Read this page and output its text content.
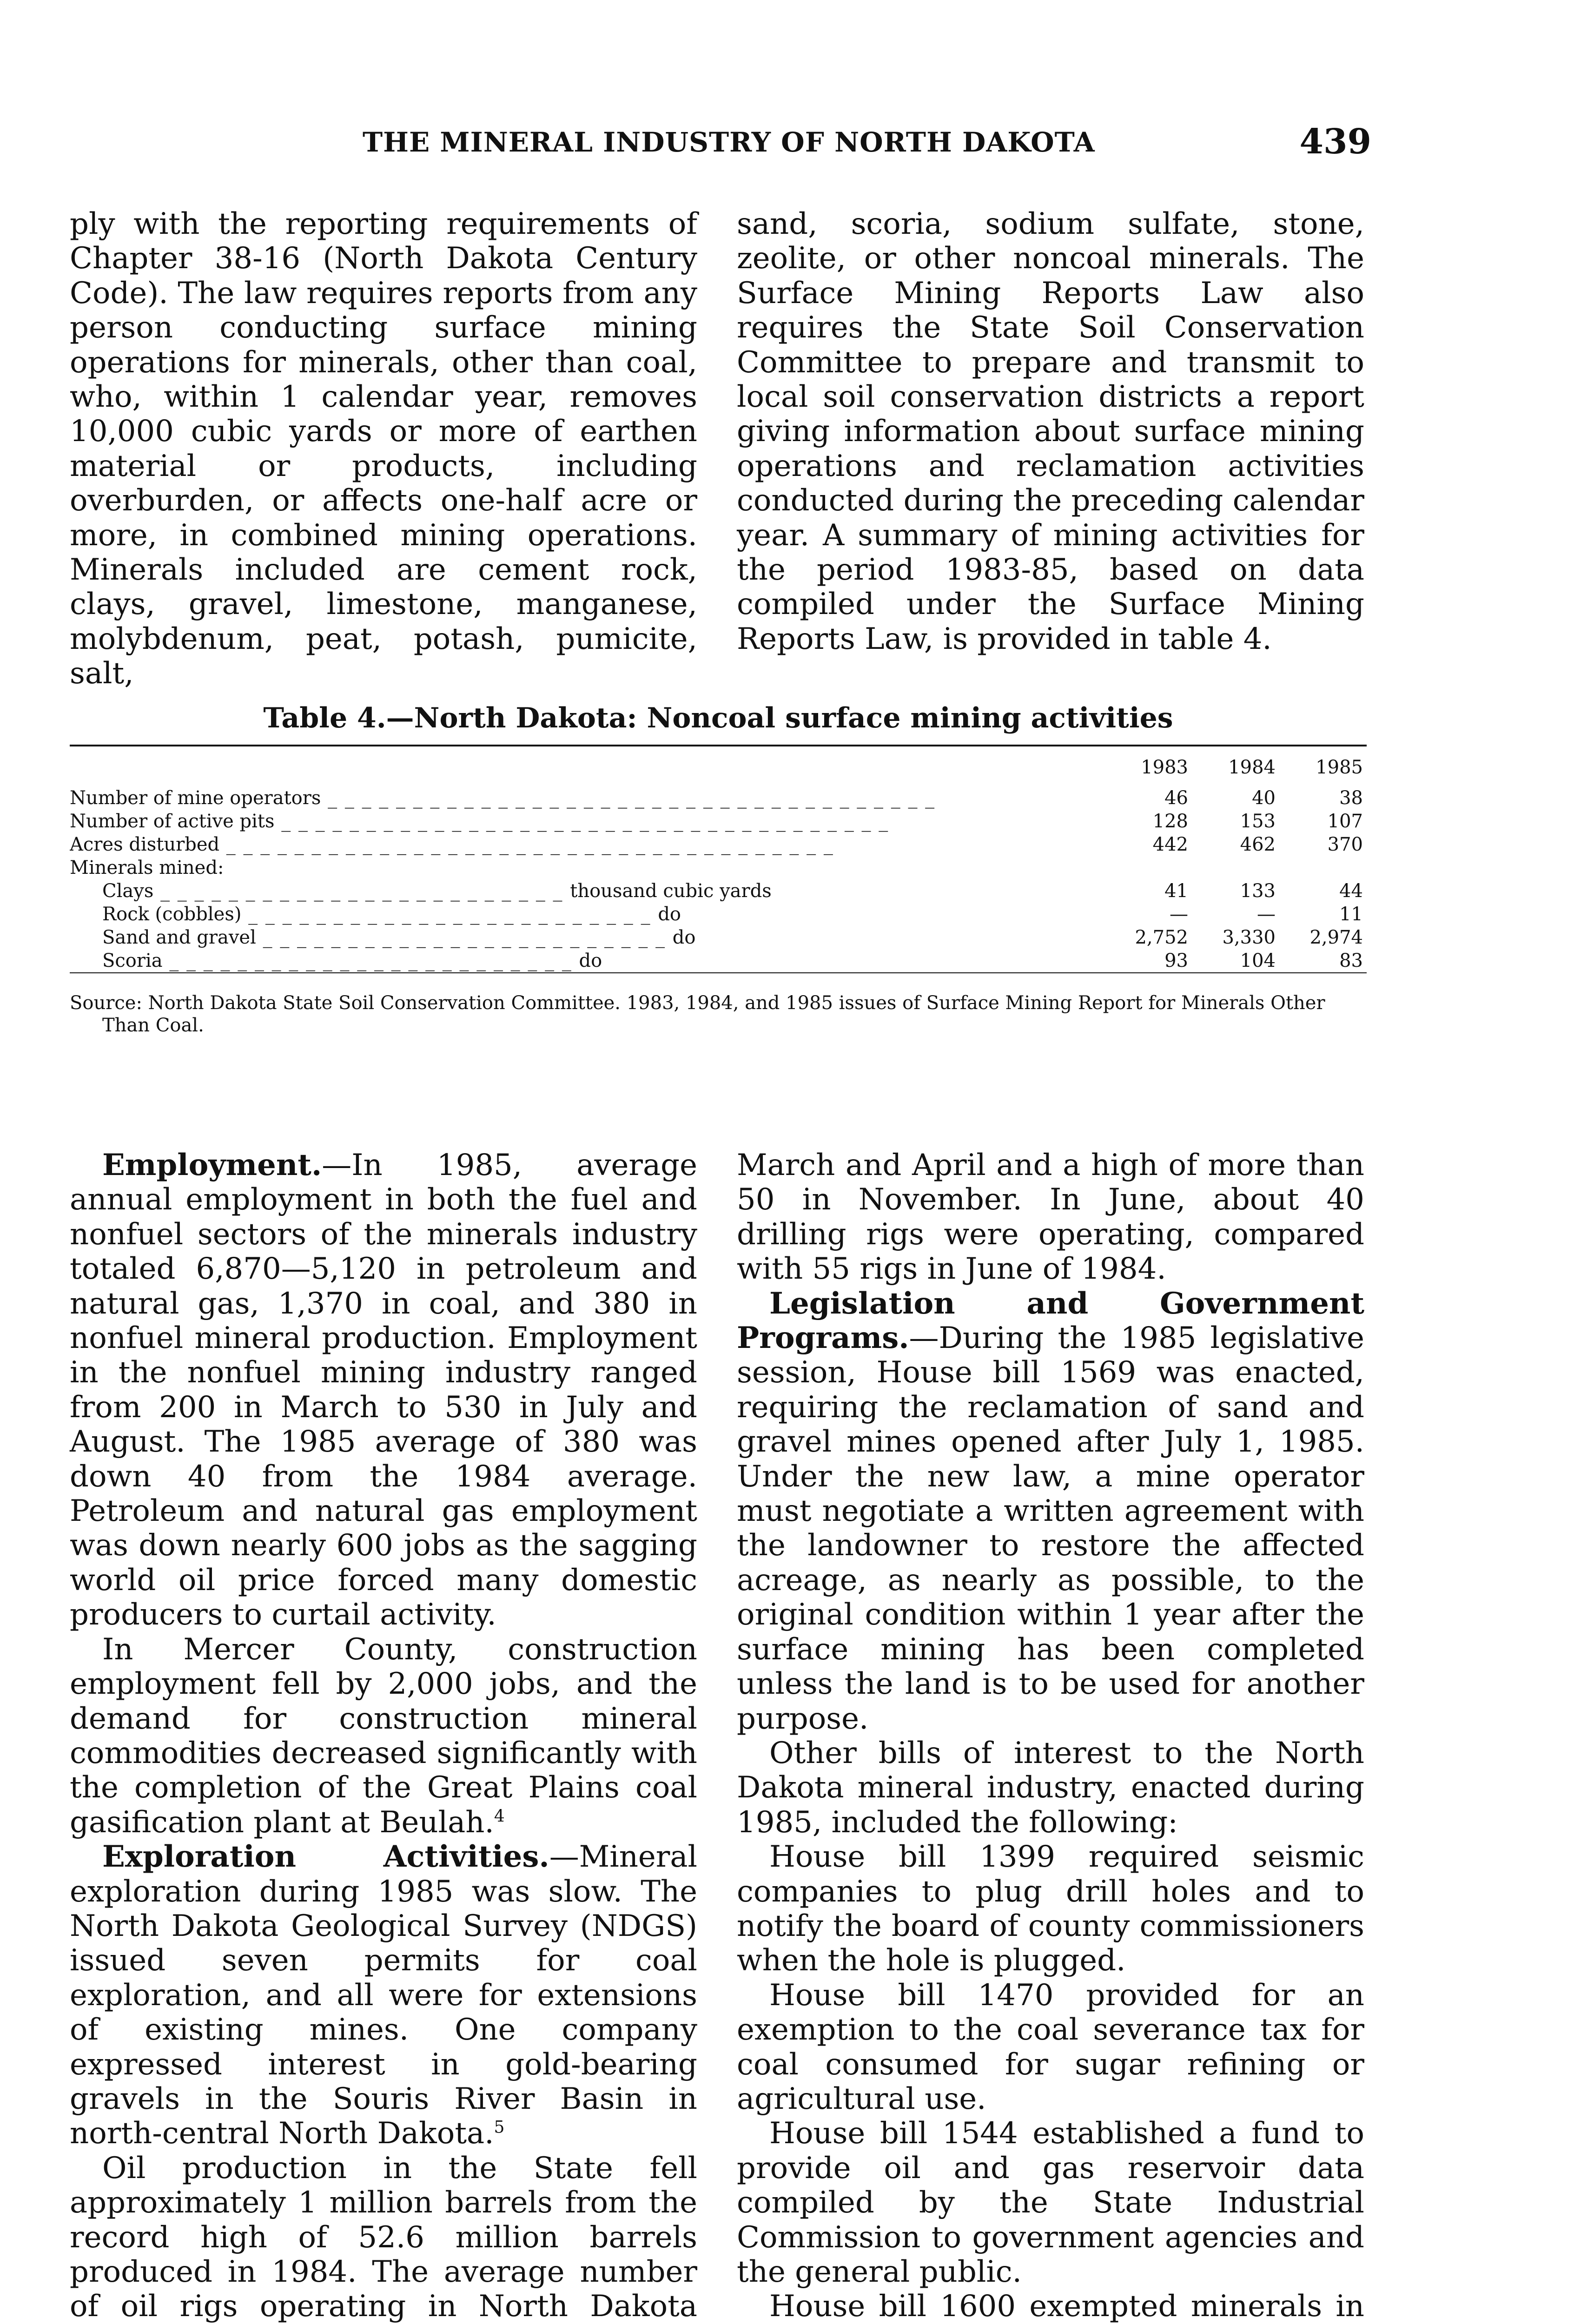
THE MINERAL INDUSTRY OF NORTH DAKOTA	439

ply with the reporting requirements of Chapter 38-16 (North Dakota Century Code). The law requires reports from any person conducting surface mining operations for minerals, other than coal, who, within 1 calendar year, removes 10,000 cubic yards or more of earthen material or products, including overburden, or affects one-half acre or more, in combined mining operations. Minerals included are cement rock, clays, gravel, limestone, manganese, molybdenum, peat, potash, pumicite, salt,

sand, scoria, sodium sulfate, stone, zeolite, or other noncoal minerals. The Surface Mining Reports Law also requires the State Soil Conservation Committee to prepare and transmit to local soil conservation districts a report giving information about surface mining operations and reclamation activities conducted during the preceding calendar year. A summary of mining activities for the period 1983-85, based on data compiled under the Surface Mining Reports Law, is provided in table 4.

Table 4.—North Dakota: Noncoal surface mining activities
	1983	1984	1985
Number of mine operators _ _ _ _ _ _ _ _ _ _ _ _ _ _ _ _ _ _ _ _ _ _ _ _ _ _ _ _ _ _ _ _ _ _ _ _	46	40	38
Number of active pits _ _ _ _ _ _ _ _ _ _ _ _ _ _ _ _ _ _ _ _ _ _ _ _ _ _ _ _ _ _ _ _ _ _ _ _	128	153	107
Acres disturbed _ _ _ _ _ _ _ _ _ _ _ _ _ _ _ _ _ _ _ _ _ _ _ _ _ _ _ _ _ _ _ _ _ _ _ _	442	462	370
Minerals mined:			
Clays _ _ _ _ _ _ _ _ _ _ _ _ _ _ _ _ _ _ _ _ _ _ _ _ thousand cubic yards	41	133	44
Rock (cobbles) _ _ _ _ _ _ _ _ _ _ _ _ _ _ _ _ _ _ _ _ _ _ _ _ do	—	—	11
Sand and gravel _ _ _ _ _ _ _ _ _ _ _ _ _ _ _ _ _ _ _ _ _ _ _ _ do	2,752	3,330	2,974
Scoria _ _ _ _ _ _ _ _ _ _ _ _ _ _ _ _ _ _ _ _ _ _ _ _ do	93	104	83
Source: North Dakota State Soil Conservation Committee. 1983, 1984, and 1985 issues of Surface Mining Report for Minerals Other Than Coal.

Employment.—In 1985, average annual employment in both the fuel and nonfuel sectors of the minerals industry totaled 6,870—5,120 in petroleum and natural gas, 1,370 in coal, and 380 in nonfuel mineral production. Employment in the nonfuel mining industry ranged from 200 in March to 530 in July and August. The 1985 average of 380 was down 40 from the 1984 average. Petroleum and natural gas employment was down nearly 600 jobs as the sagging world oil price forced many domestic producers to curtail activity.

In Mercer County, construction employment fell by 2,000 jobs, and the demand for construction mineral commodities decreased significantly with the completion of the Great Plains coal gasification plant at Beulah.$^4$

Exploration Activities.—Mineral exploration during 1985 was slow. The North Dakota Geological Survey (NDGS) issued seven permits for coal exploration, and all were for extensions of existing mines. One company expressed interest in gold-bearing gravels in the Souris River Basin in north-central North Dakota.$^5$

Oil production in the State fell approximately 1 million barrels from the record high of 52.6 million barrels produced in 1984. The average number of oil rigs operating in North Dakota

March and April and a high of more than 50 in November. In June, about 40 drilling rigs were operating, compared with 55 rigs in June of 1984.

Legislation and Government Programs.—During the 1985 legislative session, House bill 1569 was enacted, requiring the reclamation of sand and gravel mines opened after July 1, 1985. Under the new law, a mine operator must negotiate a written agreement with the landowner to restore the affected acreage, as nearly as possible, to the original condition within 1 year after the surface mining has been completed unless the land is to be used for another purpose.

Other bills of interest to the North Dakota mineral industry, enacted during 1985, included the following:

House bill 1399 required seismic companies to plug drill holes and to notify the board of county commissioners when the hole is plugged.

House bill 1470 provided for an exemption to the coal severance tax for coal consumed for sugar refining or agricultural use.

House bill 1544 established a fund to provide oil and gas reservoir data compiled by the State Industrial Commission to government agencies and the general public.

House bill 1600 exempted minerals in
